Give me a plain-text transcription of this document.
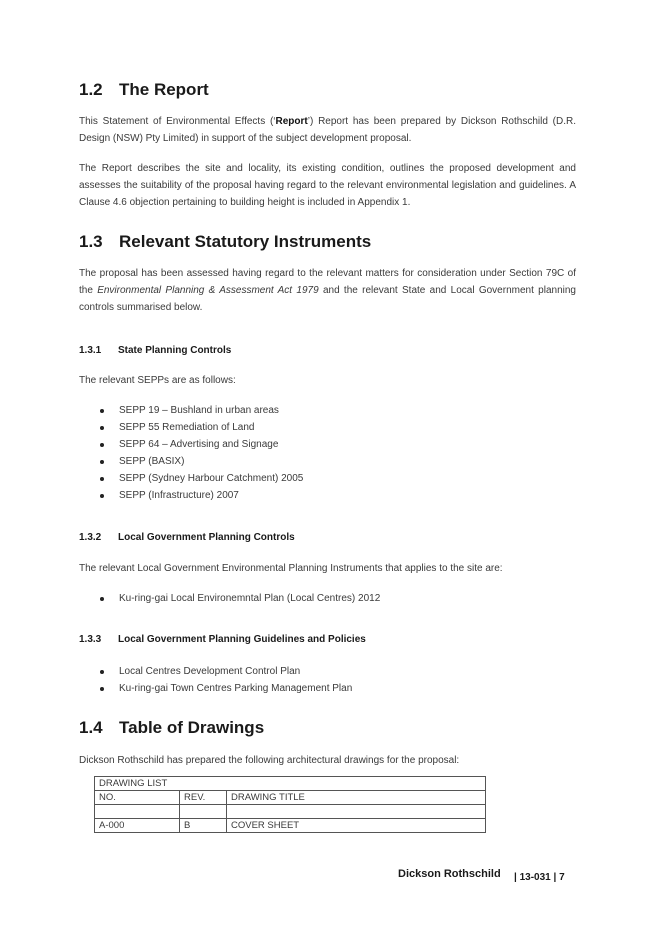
1.2 The Report

This Statement of Environmental Effects (‘Report’) Report has been prepared by Dickson Rothschild (D.R. Design (NSW) Pty Limited) in support of the subject development proposal.

The Report describes the site and locality, its existing condition, outlines the proposed development and assesses the suitability of the proposal having regard to the relevant environmental legislation and guidelines. A Clause 4.6 objection pertaining to building height is included in Appendix 1.

1.3 Relevant Statutory Instruments

The proposal has been assessed having regard to the relevant matters for consideration under Section 79C of the Environmental Planning & Assessment Act 1979 and the relevant State and Local Government planning controls summarised below.

1.3.1 State Planning Controls

The relevant SEPPs are as follows:

SEPP 19 – Bushland in urban areas
SEPP 55 Remediation of Land
SEPP 64 – Advertising and Signage
SEPP (BASIX)
SEPP (Sydney Harbour Catchment) 2005
SEPP (Infrastructure) 2007
1.3.2 Local Government Planning Controls

The relevant Local Government Environmental Planning Instruments that applies to the site are:

Ku-ring-gai Local Environemntal Plan (Local Centres) 2012
1.3.3 Local Government Planning Guidelines and Policies
Local Centres Development Control Plan
Ku-ring-gai Town Centres Parking Management Plan
1.4 Table of Drawings

Dickson Rothschild has prepared the following architectural drawings for the proposal:

DRAWING LIST		
NO.	REV.	DRAWING TITLE

A-000	B	COVER SHEET
Dickson Rothschild | 13-031 | 7
